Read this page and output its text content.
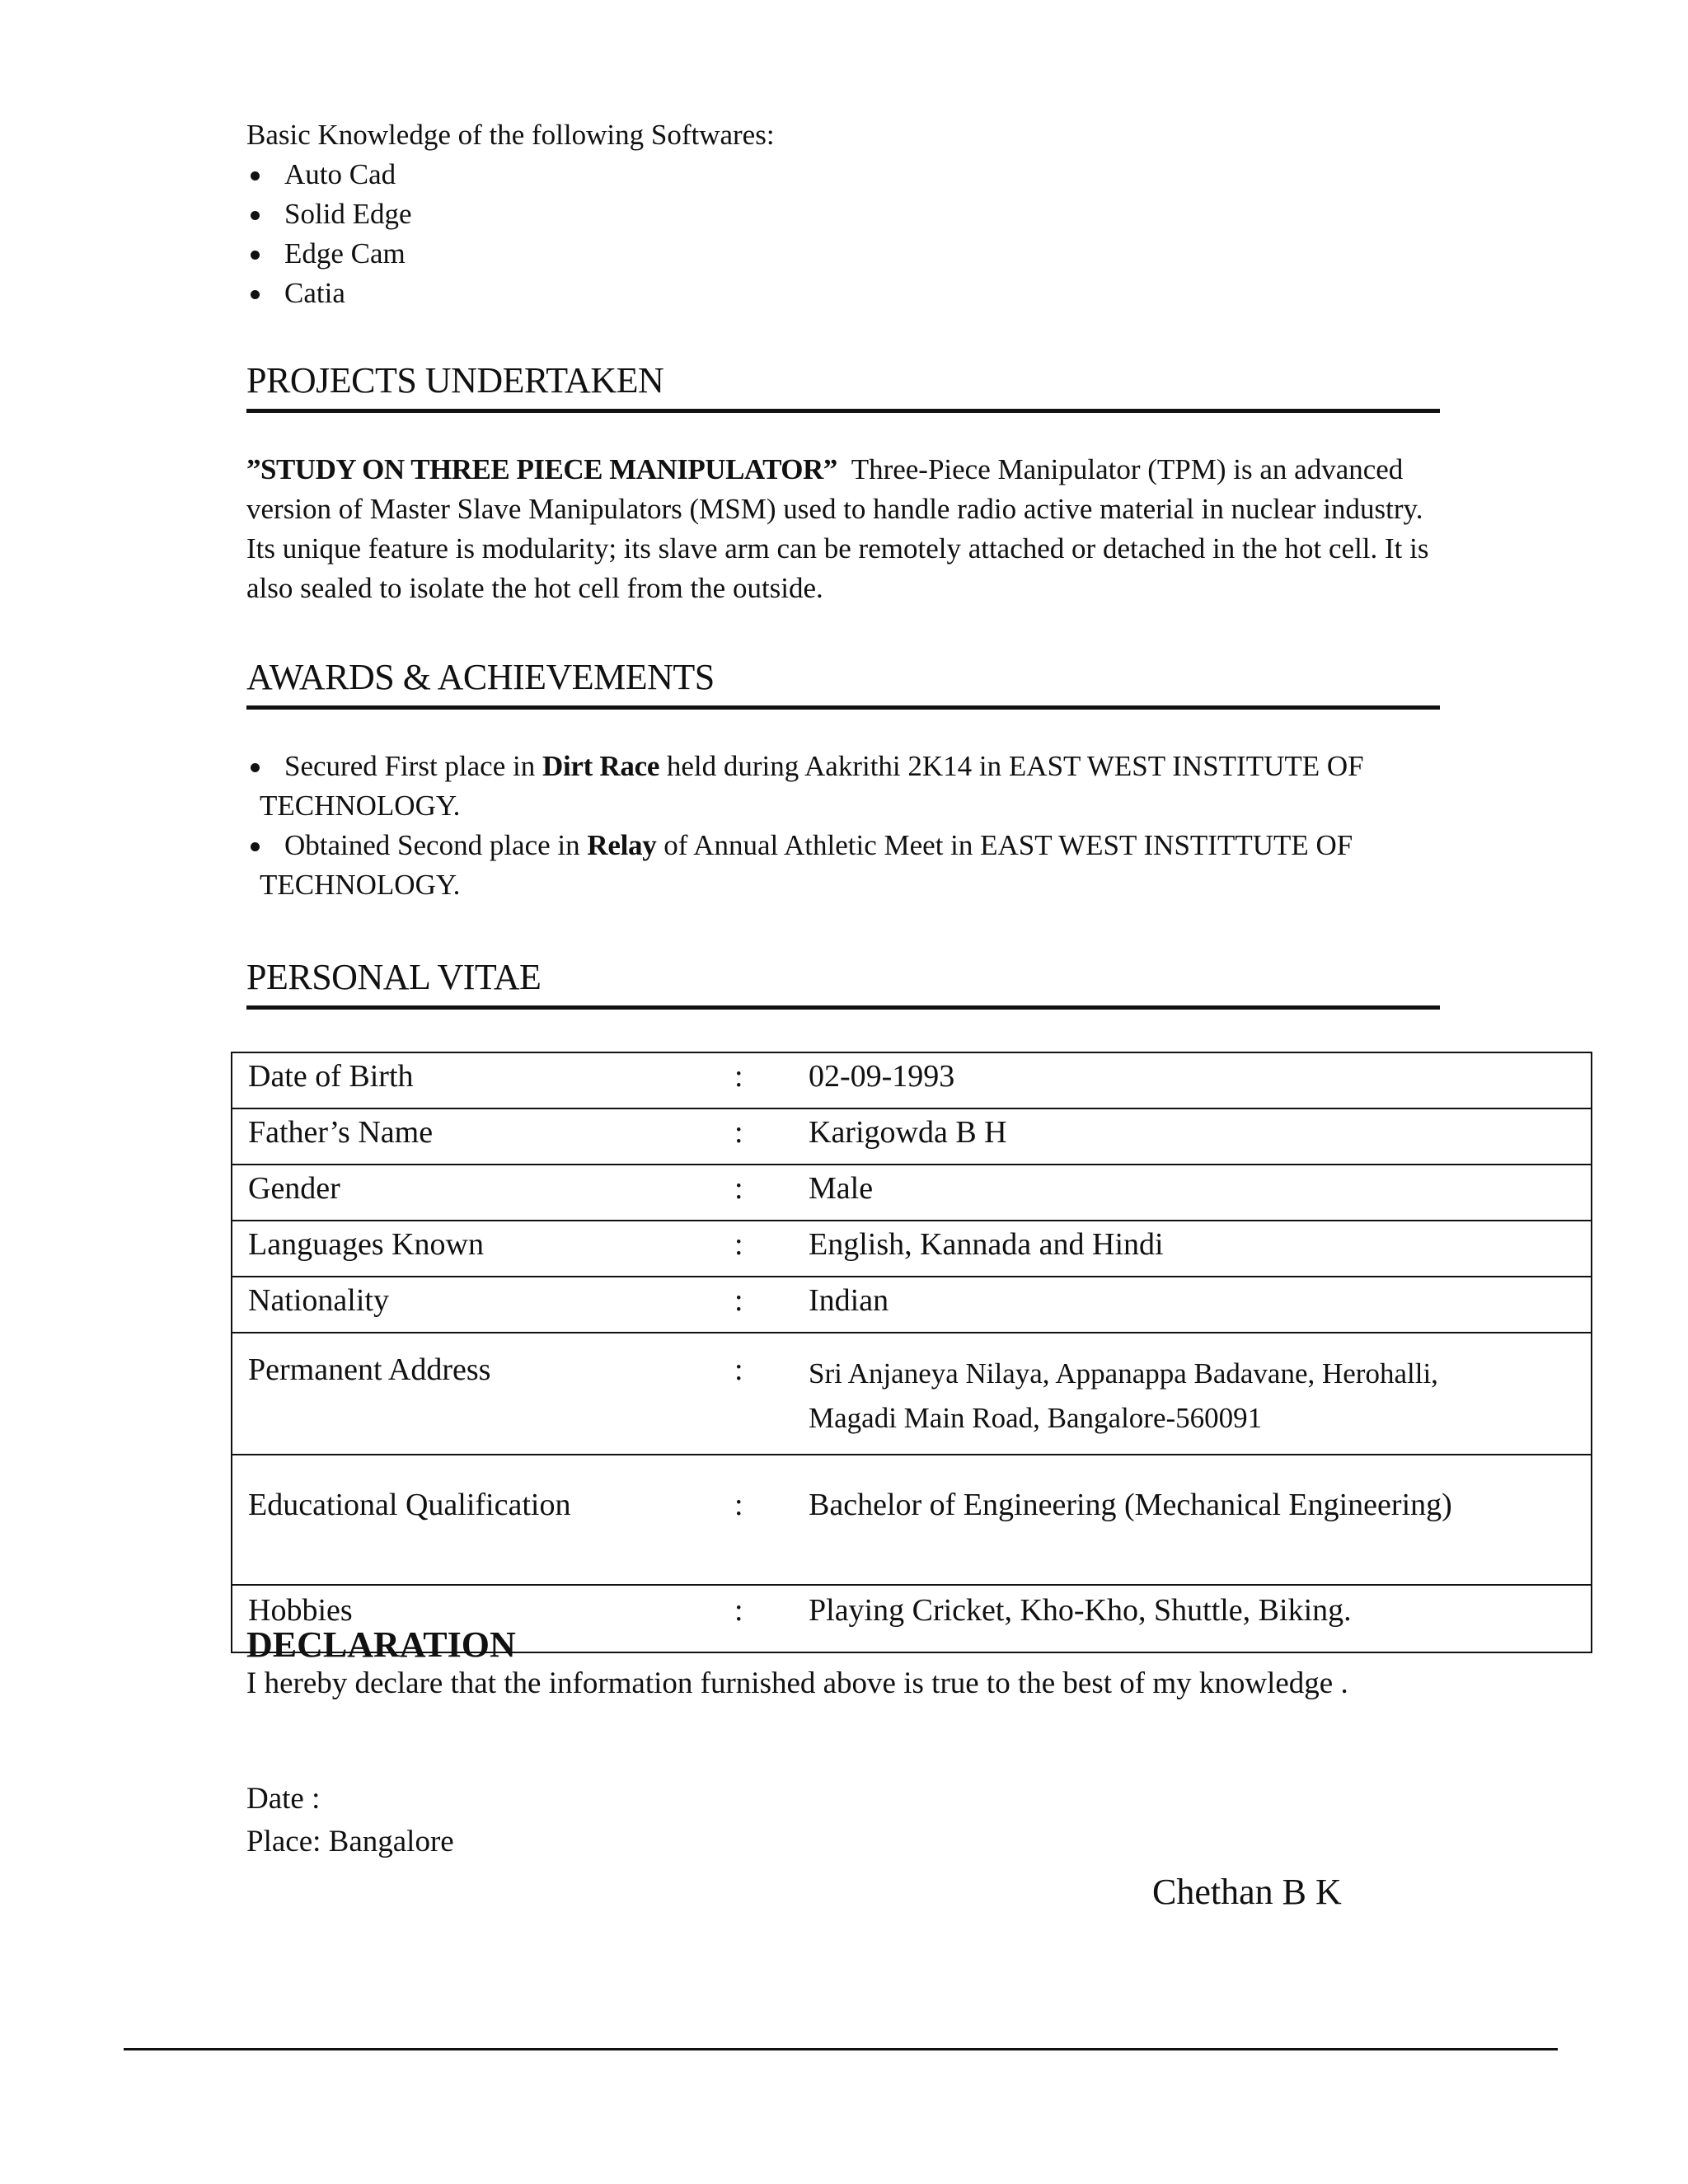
Basic Knowledge of the following Softwares:
Auto Cad
Solid Edge
Edge Cam
Catia
PROJECTS UNDERTAKEN
”STUDY ON THREE PIECE MANIPULATOR” Three-Piece Manipulator (TPM) is an advanced version of Master Slave Manipulators (MSM) used to handle radio active material in nuclear industry. Its unique feature is modularity; its slave arm can be remotely attached or detached in the hot cell. It is also sealed to isolate the hot cell from the outside.
AWARDS & ACHIEVEMENTS
Secured First place in Dirt Race held during Aakrithi 2K14 in EAST WEST INSTITUTE OF
TECHNOLOGY.
Obtained Second place in Relay of Annual Athletic Meet in EAST WEST INSTITTUTE OF
TECHNOLOGY.
PERSONAL VITAE
Date of Birth	:	02-09-1993
Father’s Name	:	Karigowda B H
Gender	:	Male
Languages Known	:	English, Kannada and Hindi
Nationality	:	Indian
Permanent Address	:	Sri Anjaneya Nilaya, Appanappa Badavane, Herohalli,
Magadi Main Road, Bangalore-560091

Educational Qualification	:	Bachelor of Engineering (Mechanical Engineering)
Hobbies	:	Playing Cricket, Kho-Kho, Shuttle, Biking.
DECLARATION
I hereby declare that the information furnished above is true to the best of my knowledge .
Date :
Place: Bangalore
Chethan B K
